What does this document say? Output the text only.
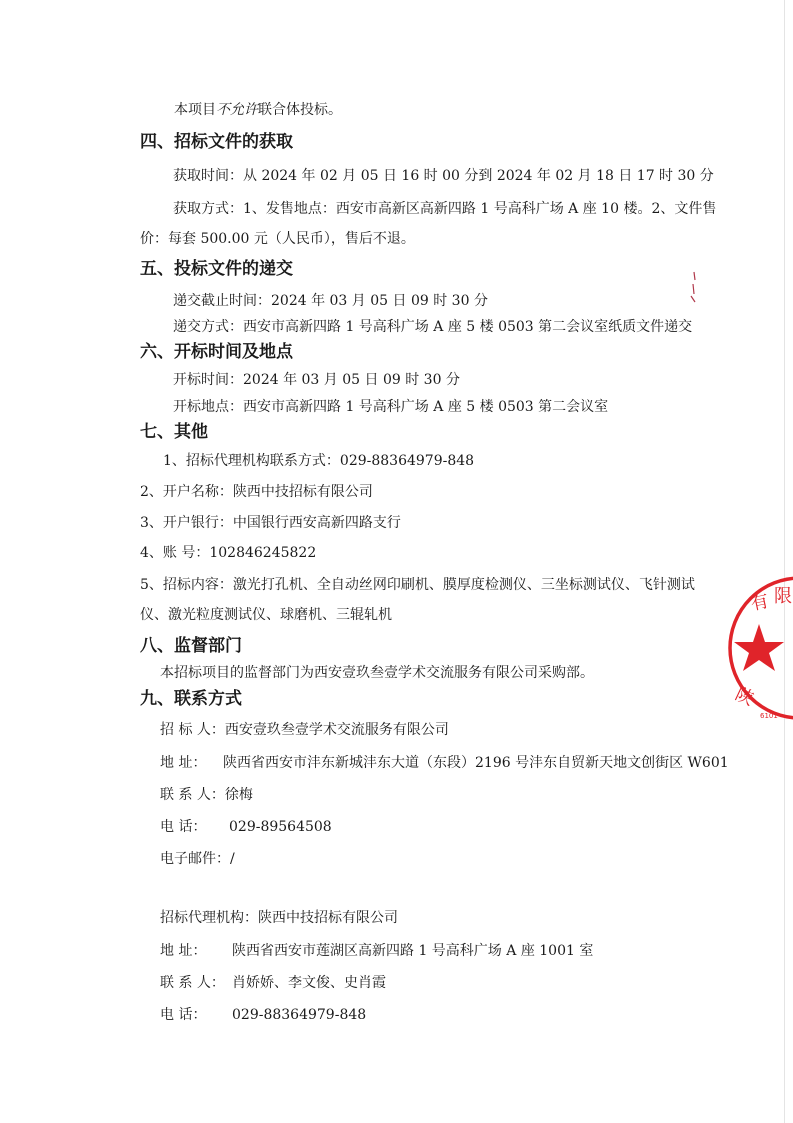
本项目不允许联合体投标。
四、招标文件的获取
获取时间：从 2024 年 02 月 05 日 16 时 00 分到 2024 年 02 月 18 日 17 时 30 分
获取方式：1、发售地点：西安市高新区高新四路 1 号高科广场 A 座 10 楼。2、文件售
价：每套 500.00 元（人民币），售后不退。
五、投标文件的递交
递交截止时间：2024 年 03 月 05 日 09 时 30 分
递交方式：西安市高新四路 1 号高科广场 A 座 5 楼 0503 第二会议室纸质文件递交
六、开标时间及地点
开标时间：2024 年 03 月 05 日 09 时 30 分
开标地点：西安市高新四路 1 号高科广场 A 座 5 楼 0503 第二会议室
七、其他
1、招标代理机构联系方式：029-88364979-848
2、开户名称：陕西中技招标有限公司
3、开户银行：中国银行西安高新四路支行
4、账 号：102846245822
5、招标内容：激光打孔机、全自动丝网印刷机、膜厚度检测仪、三坐标测试仪、飞针测试
仪、激光粒度测试仪、球磨机、三辊轧机
八、监督部门
本招标项目的监督部门为西安壹玖叁壹学术交流服务有限公司采购部。
九、联系方式
招 标 人：西安壹玖叁壹学术交流服务有限公司
地 址： 陕西省西安市沣东新城沣东大道（东段）2196 号沣东自贸新天地文创街区 W601
联 系 人：徐梅
电 话： 029-89564508
电子邮件：/
招标代理机构：陕西中技招标有限公司
地 址： 陕西省西安市莲湖区高新四路 1 号高科广场 A 座 1001 室
联 系 人： 肖娇娇、李文俊、史肖霞
电 话： 029-88364979-848
有 限
陕
6101
